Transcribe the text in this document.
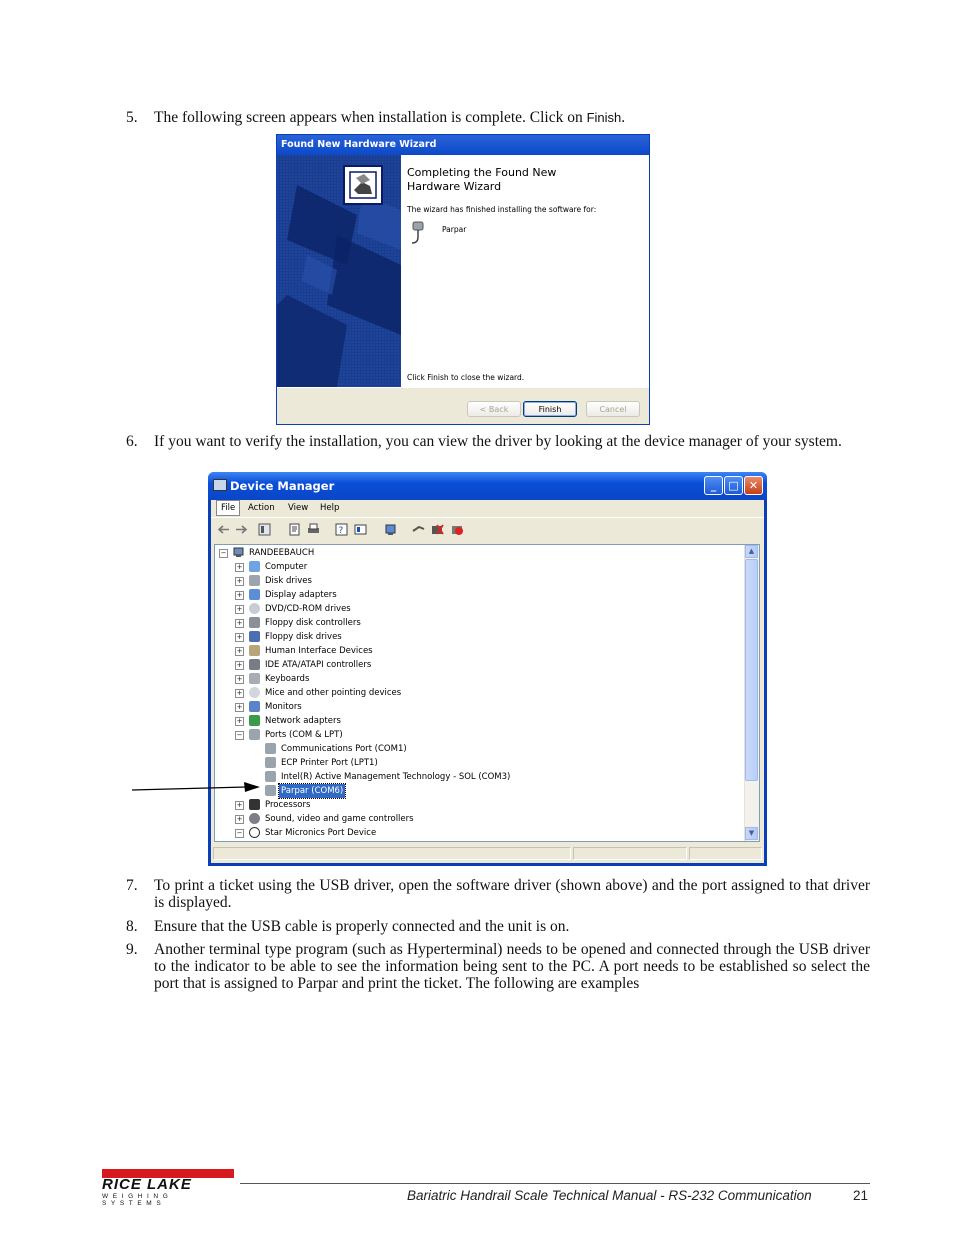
5. The following screen appears when installation is complete. Click on Finish.
Found New Hardware Wizard
Completing the Found New
Hardware Wizard
The wizard has finished installing the software for:
Parpar
Click Finish to close the wizard.
< Back	Finish	Cancel
6. If you want to verify the installation, you can view the driver by looking at the device manager of your system.
Device Manager	_	□ ✕
File	Action View Help
?
−	RANDEEBAUCH
+	Computer
+	Disk drives
+	Display adapters
+	DVD/CD-ROM drives
+	Floppy disk controllers
+	Floppy disk drives
+	Human Interface Devices
+	IDE ATA/ATAPI controllers
+	Keyboards
+	Mice and other pointing devices
+	Monitors
+	Network adapters
−	Ports (COM & LPT)
Communications Port (COM1)
ECP Printer Port (LPT1)
Intel(R) Active Management Technology - SOL (COM3)
Parpar (COM6)
+	Processors
+	Sound, video and game controllers
−	Star Micronics Port Device
▲
▼
7. To print a ticket using the USB driver, open the software driver (shown above) and the port assigned to that driver is displayed.
8. Ensure that the USB cable is properly connected and the unit is on.
9. Another terminal type program (such as Hyperterminal) needs to be opened and connected through the USB driver to the indicator to be able to see the information being sent to the PC. A port needs to be established so select the port that is assigned to Parpar and print the ticket. The following are examples
RICE LAKE
WEIGHING SYSTEMS
Bariatric Handrail Scale Technical Manual - RS-232 Communication	21
